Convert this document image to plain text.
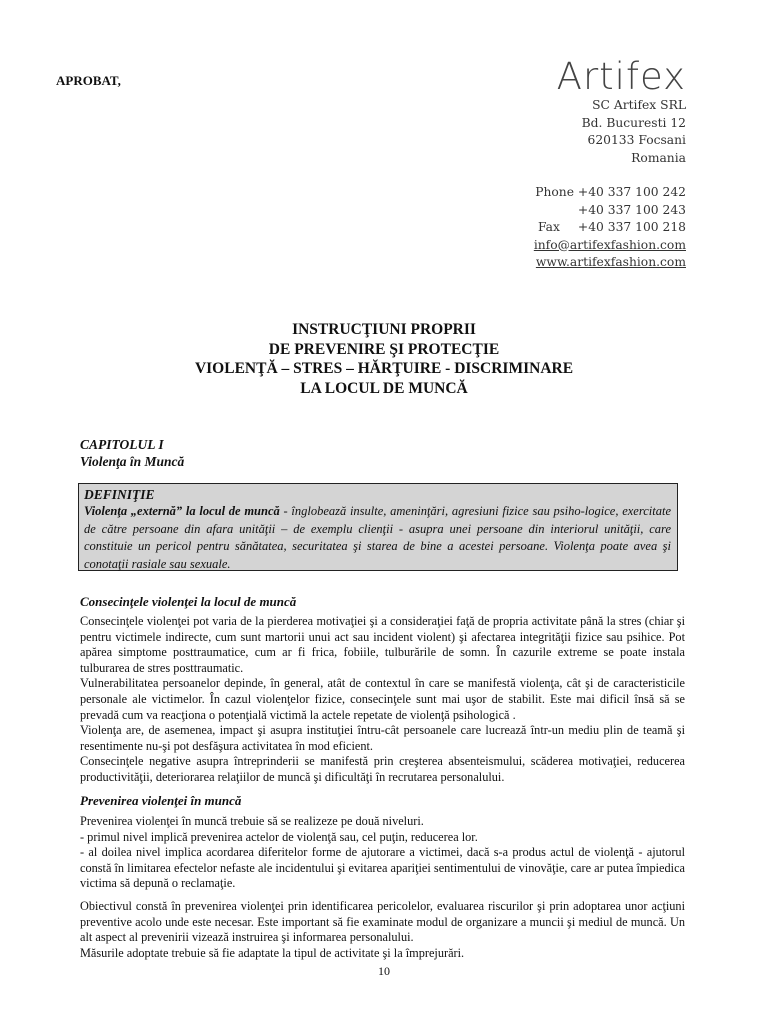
APROBAT,	Artifex
SC Artifex SRL
Bd. Bucuresti 12
620133 Focsani
Romania
Phone
+40 337 100 242
+40 337 100 243
Fax +40 337 100 218
info@artifexfashion.com
www.artifexfashion.com
INSTRUCŢIUNI PROPRII
DE PREVENIRE ŞI PROTECŢIE
VIOLENŢĂ – STRES – HĂRŢUIRE - DISCRIMINARE
LA LOCUL DE MUNCĂ
CAPITOLUL I
Violenţa în Muncă
DEFINIŢIE
Violenţa „externă” la locul de muncă - înglobează insulte, ameninţări, agresiuni fizice sau psiho-logice, exercitate de către persoane din afara unităţii – de exemplu clienţii - asupra unei persoane din interiorul unităţii, care constituie un pericol pentru sănătatea, securitatea şi starea de bine a acestei persoane. Violenţa poate avea şi conotaţii rasiale sau sexuale.
Consecinţele violenţei la locul de muncă
Consecinţele violenţei pot varia de la pierderea motivaţiei şi a consideraţiei faţă de propria activitate până la stres (chiar şi pentru victimele indirecte, cum sunt martorii unui act sau incident violent) şi afectarea integrităţii fizice sau psihice. Pot apărea simptome posttraumatice, cum ar fi frica, fobiile, tulburările de somn. În cazurile extreme se poate instala tulburarea de stres posttraumatic.
Vulnerabilitatea persoanelor depinde, în general, atât de contextul în care se manifestă violenţa, cât şi de caracteristicile personale ale victimelor. În cazul violenţelor fizice, consecinţele sunt mai uşor de stabilit. Este mai dificil însă să se prevadă cum va reacţiona o potenţială victimă la actele repetate de violenţă psihologică .
Violenţa are, de asemenea, impact şi asupra instituţiei întru-cât persoanele care lucrează într-un mediu plin de teamă şi resentimente nu-şi pot desfăşura activitatea în mod eficient.
Consecinţele negative asupra întreprinderii se manifestă prin creşterea absenteismului, scăderea motivaţiei, reducerea productivităţii, deteriorarea relaţiilor de muncă şi dificultăţi în recrutarea personalului.
Prevenirea violenţei în muncă
Prevenirea violenţei în muncă trebuie să se realizeze pe două niveluri.
- primul nivel implică prevenirea actelor de violenţă sau, cel puţin, reducerea lor.
- al doilea nivel implica acordarea diferitelor forme de ajutorare a victimei, dacă s-a produs actul de violenţă - ajutorul constă în limitarea efectelor nefaste ale incidentului şi evitarea apariţiei sentimentului de vinovăţie, care ar putea împiedica victima să depună o reclamaţie.
Obiectivul constă în prevenirea violenţei prin identificarea pericolelor, evaluarea riscurilor şi prin adoptarea unor acţiuni preventive acolo unde este necesar. Este important să fie examinate modul de organizare a muncii şi mediul de muncă. Un alt aspect al prevenirii vizează instruirea şi informarea personalului.
Măsurile adoptate trebuie să fie adaptate la tipul de activitate şi la împrejurări.
10
